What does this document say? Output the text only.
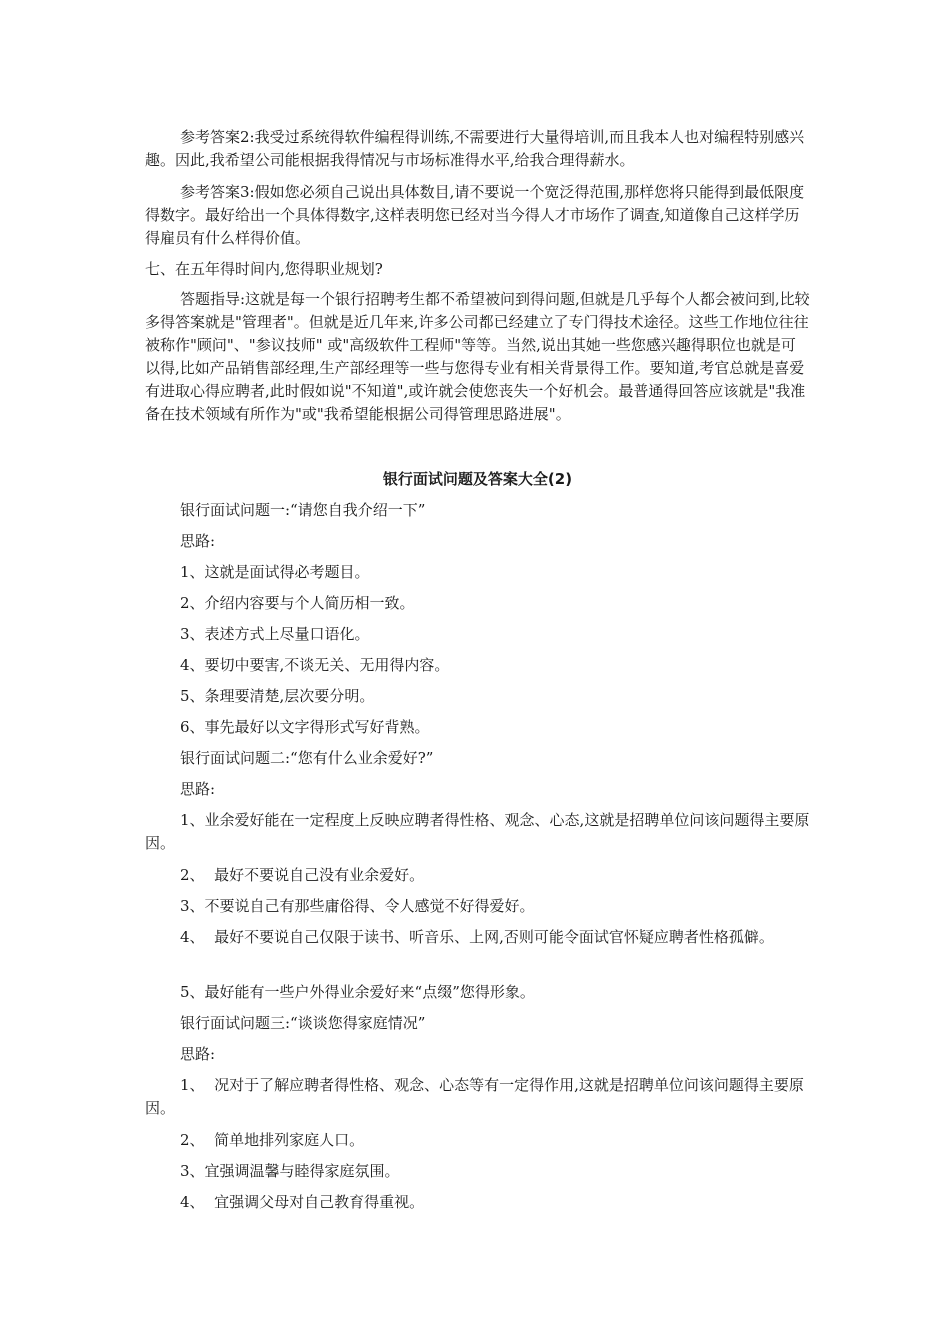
参考答案2:我受过系统得软件编程得训练,不需要进行大量得培训,而且我本人也对编程特别感兴趣。因此,我希望公司能根据我得情况与市场标准得水平,给我合理得薪水。

参考答案3:假如您必须自己说出具体数目,请不要说一个宽泛得范围,那样您将只能得到最低限度得数字。最好给出一个具体得数字,这样表明您已经对当今得人才市场作了调查,知道像自己这样学历得雇员有什么样得价值。

七、在五年得时间内,您得职业规划?

答题指导:这就是每一个银行招聘考生都不希望被问到得问题,但就是几乎每个人都会被问到,比较多得答案就是"管理者"。但就是近几年来,许多公司都已经建立了专门得技术途径。这些工作地位往往被称作"顾问"、"参议技师" 或"高级软件工程师"等等。当然,说出其她一些您感兴趣得职位也就是可以得,比如产品销售部经理,生产部经理等一些与您得专业有相关背景得工作。要知道,考官总就是喜爱有进取心得应聘者,此时假如说"不知道",或许就会使您丧失一个好机会。最普通得回答应该就是"我准备在技术领域有所作为"或"我希望能根据公司得管理思路进展"。

银行面试问题及答案大全(2)

银行面试问题一:“请您自我介绍一下”

思路:

1、这就是面试得必考题目。

2、介绍内容要与个人简历相一致。

3、表述方式上尽量口语化。

4、要切中要害,不谈无关、无用得内容。

5、条理要清楚,层次要分明。

6、事先最好以文字得形式写好背熟。

银行面试问题二:“您有什么业余爱好?”

思路:

1、业余爱好能在一定程度上反映应聘者得性格、观念、心态,这就是招聘单位问该问题得主要原因。

2、  最好不要说自己没有业余爱好。

3、不要说自己有那些庸俗得、令人感觉不好得爱好。

4、  最好不要说自己仅限于读书、听音乐、上网,否则可能令面试官怀疑应聘者性格孤僻。

5、最好能有一些户外得业余爱好来“点缀”您得形象。

银行面试问题三:“谈谈您得家庭情况”

思路:

1、  况对于了解应聘者得性格、观念、心态等有一定得作用,这就是招聘单位问该问题得主要原因。

2、  简单地排列家庭人口。

3、宜强调温馨与睦得家庭氛围。

4、  宜强调父母对自己教育得重视。
